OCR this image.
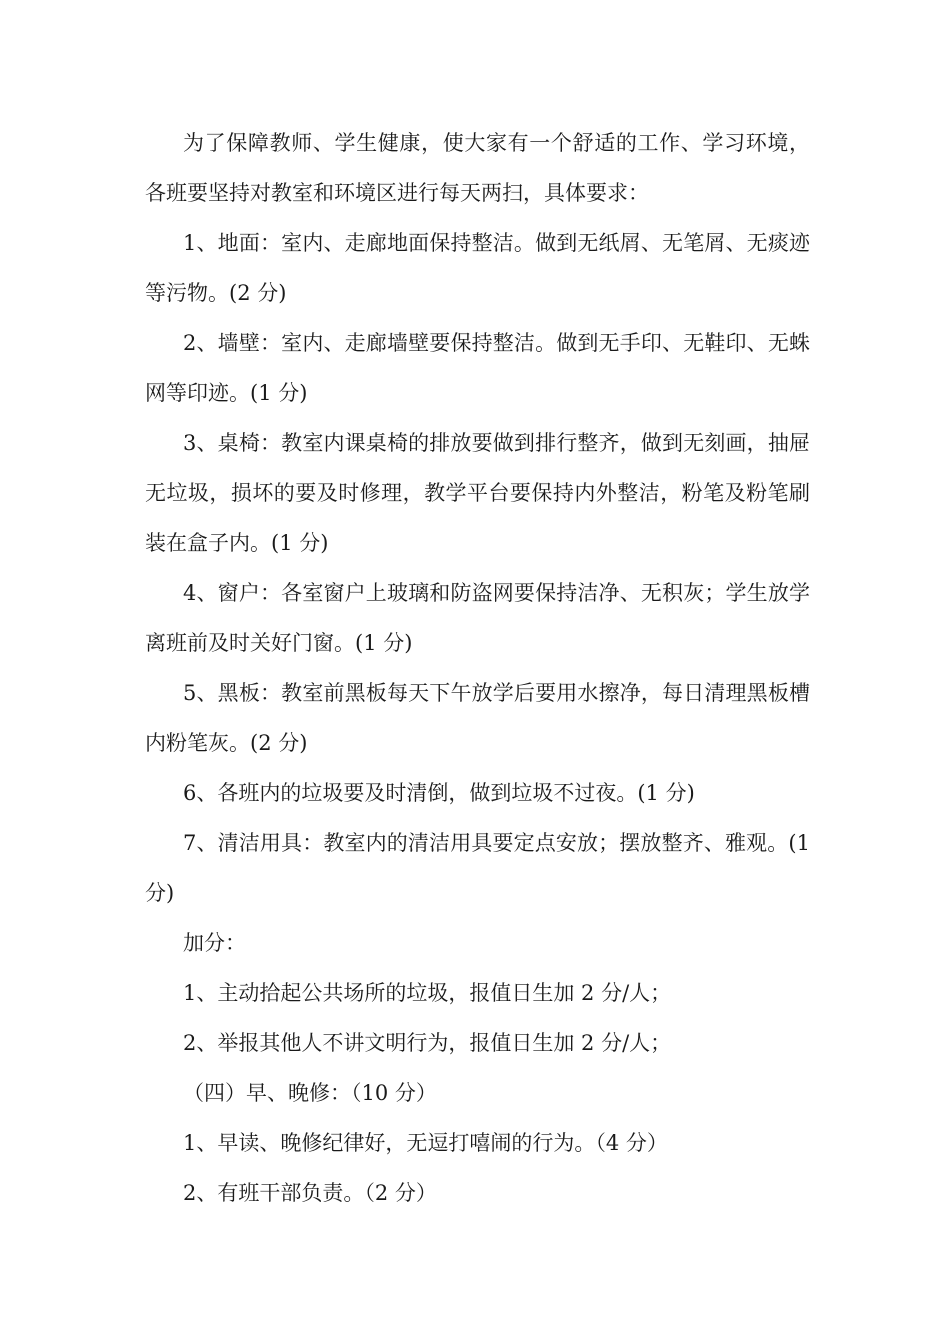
为了保障教师、学生健康，使大家有一个舒适的工作、学习环境，各班要坚持对教室和环境区进行每天两扫，具体要求：

1、地面：室内、走廊地面保持整洁。做到无纸屑、无笔屑、无痰迹等污物。(2 分)

2、墙壁：室内、走廊墙壁要保持整洁。做到无手印、无鞋印、无蛛网等印迹。(1 分)

3、桌椅：教室内课桌椅的排放要做到排行整齐，做到无刻画，抽屉无垃圾，损坏的要及时修理，教学平台要保持内外整洁，粉笔及粉笔刷装在盒子内。(1 分)

4、窗户：各室窗户上玻璃和防盗网要保持洁净、无积灰；学生放学离班前及时关好门窗。(1 分)

5、黑板：教室前黑板每天下午放学后要用水擦净，每日清理黑板槽内粉笔灰。(2 分)

6、各班内的垃圾要及时清倒，做到垃圾不过夜。(1 分)

7、清洁用具：教室内的清洁用具要定点安放；摆放整齐、雅观。(1 分)

加分：

1、主动拾起公共场所的垃圾，报值日生加 2 分/人；

2、举报其他人不讲文明行为，报值日生加 2 分/人；

（四）早、晚修：（10 分）

1、早读、晚修纪律好，无逗打嘻闹的行为。（4 分）

2、有班干部负责。（2 分）
